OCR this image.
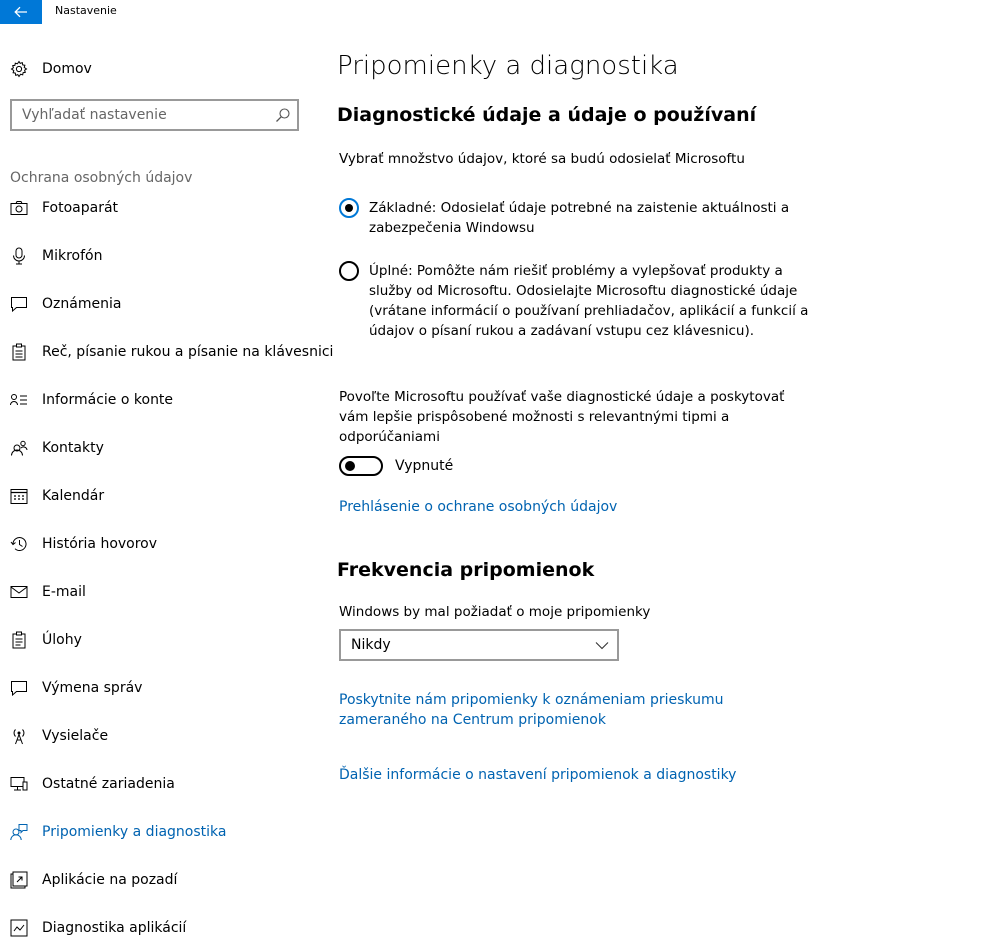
Nastavenie
Domov
Vyhľadať nastavenie
Ochrana osobných údajov
Fotoaparát
Mikrofón
Oznámenia
Reč, písanie rukou a písanie na klávesnici
Informácie o konte
Kontakty
Kalendár
História hovorov
E-mail
Úlohy
Výmena správ
Vysielače
Ostatné zariadenia
Pripomienky a diagnostika
Aplikácie na pozadí
Diagnostika aplikácií
Pripomienky a diagnostika
Diagnostické údaje a údaje o používaní

Vybrať množstvo údajov, ktoré sa budú odosielať Microsoftu

Základné: Odosielať údaje potrebné na zaistenie aktuálnosti a zabezpečenia Windowsu
Úplné: Pomôžte nám riešiť problémy a vylepšovať produkty a služby od Microsoftu. Odosielajte Microsoftu diagnostické údaje (vrátane informácií o používaní prehliadačov, aplikácií a funkcií a údajov o písaní rukou a zadávaní vstupu cez klávesnicu).

Povoľte Microsoftu používať vaše diagnostické údaje a poskytovať vám lepšie prispôsobené možnosti s relevantnými tipmi a odporúčaniami

Vypnuté
Prehlásenie o ochrane osobných údajov
Frekvencia pripomienok

Windows by mal požiadať o moje pripomienky

Nikdy
Poskytnite nám pripomienky k oznámeniam prieskumu zameraného na Centrum pripomienok
Ďalšie informácie o nastavení pripomienok a diagnostiky
